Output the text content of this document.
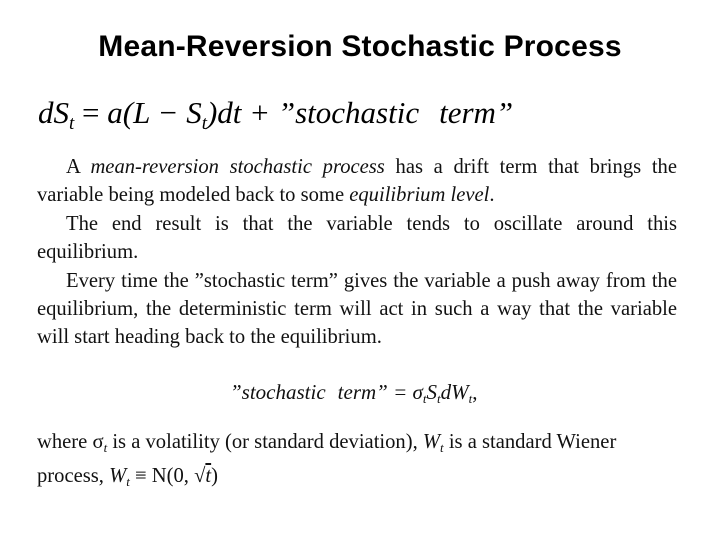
Mean-Reversion Stochastic Process
$dS_t = a(L - S_t)dt$ + ”stochastic term”

A mean-reversion stochastic process has a drift term that brings the variable being modeled back to some equilibrium level.

The end result is that the variable tends to oscillate around this equilibrium.

Every time the ”stochastic term” gives the variable a push away from the equilibrium, the deterministic term will act in such a way that the variable will start heading back to the equilibrium.

”stochastic term” = $\sigma_tS_tdW_t$,

where $\sigma_t$ is a volatility (or standard deviation), $W_t$ is a standard Wiener

process, $W_t \equiv N(0$, √t)
